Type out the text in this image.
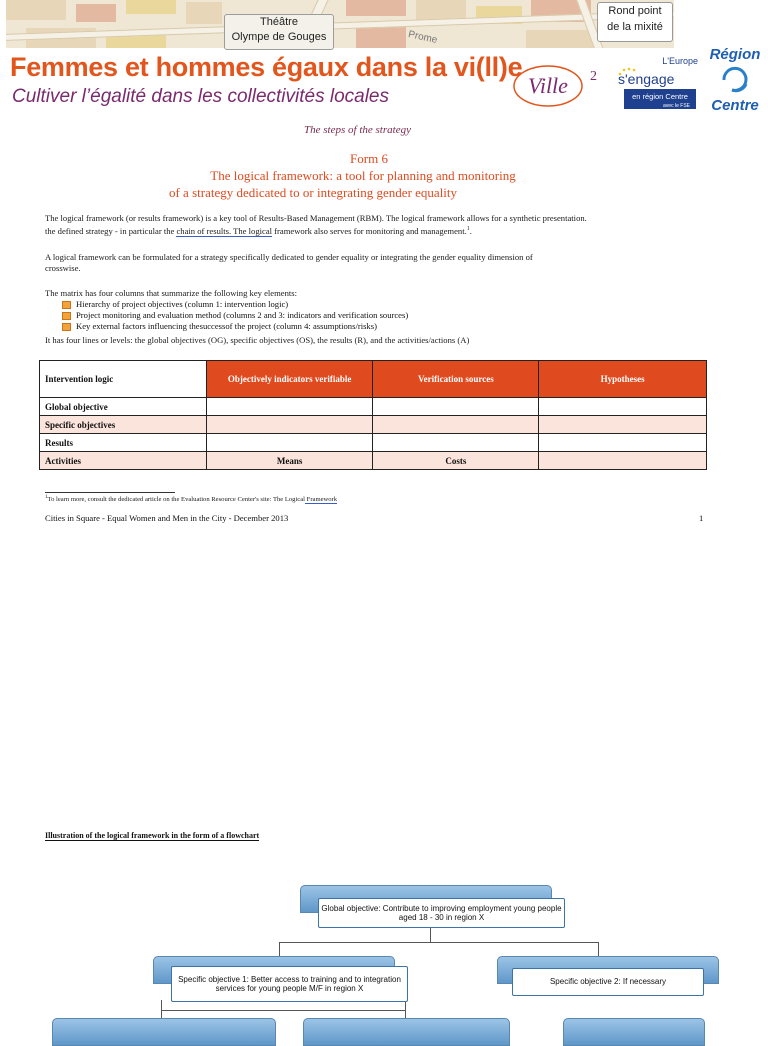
Théâtre
Olympe de Gouges	Prome
Rond point
de la mixité
Femmes et hommes égaux dans la vi(ll)e
Cultiver l’égalité dans les collectivités locales	Ville 2
L'Europe
s'engage
en région Centre
avec le FSE
Région
Centre
The steps of the strategy
Form 6
The logical framework: a tool for planning and monitoring
of a strategy dedicated to or integrating gender equality
The logical framework (or results framework) is a key tool of Results-Based Management (RBM). The logical framework allows for a synthetic presentation.
the defined strategy - in particular the chain of results. The logical framework also serves for monitoring and management.$^1$.
A logical framework can be formulated for a strategy specifically dedicated to gender equality or integrating the gender equality dimension of
crosswise.
The matrix has four columns that summarize the following key elements:
Hierarchy of project objectives (column 1: intervention logic)
Project monitoring and evaluation method (columns 2 and 3: indicators and verification sources)
Key external factors influencing thesuccessof the project (column 4: assumptions/risks)
It has four lines or levels: the global objectives (OG), specific objectives (OS), the results (R), and the activities/actions (A)
Intervention logic	Objectively indicators verifiable	Verification sources	Hypotheses
Global objective			
Specific objectives			
Results			
Activities	Means	Costs	
$^1$To learn more, consult the dedicated article on the Evaluation Resource Center's site: The Logical Framework
Cities in Square - Equal Women and Men in the City - December 2013	1
Illustration of the logical framework in the form of a flowchart
Global objective: Contribute to improving employment young people aged 18 - 30 in region X
Specific objective 1: Better access to training and to integration services for young people M/F in region X
Specific objective 2: If necessary
